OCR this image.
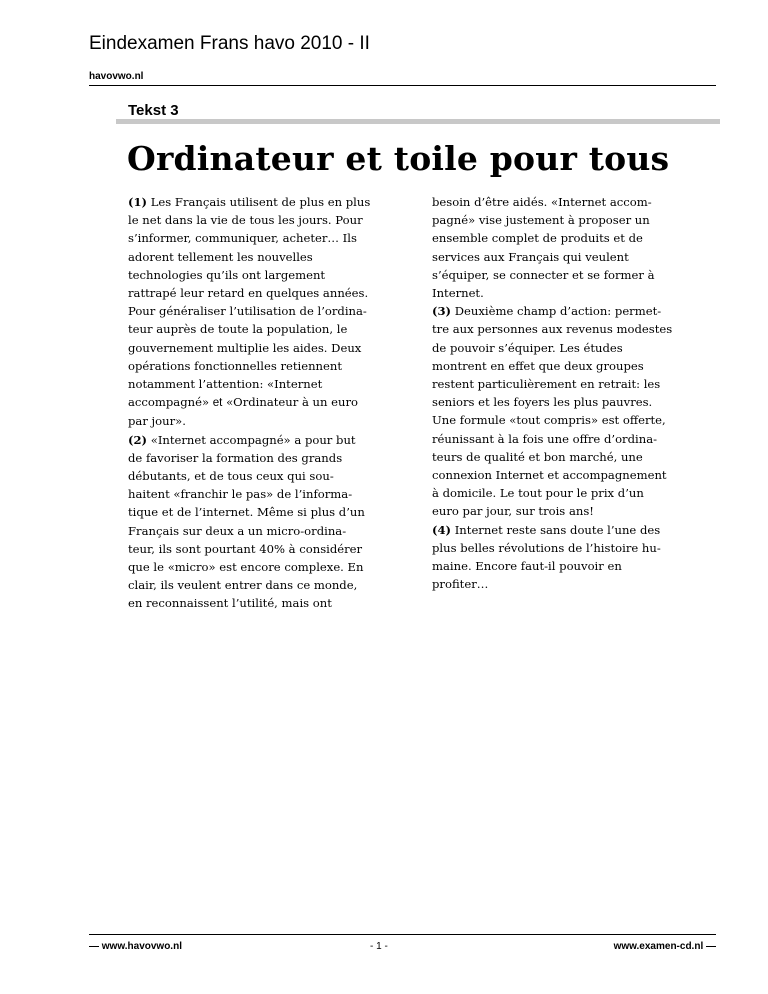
Eindexamen Frans havo 2010 - II
havovwo.nl
Tekst 3
Ordinateur et toile pour tous
(1) Les Français utilisent de plus en plus
le net dans la vie de tous les jours. Pour
s’informer, communiquer, acheter… Ils
adorent tellement les nouvelles
technologies qu’ils ont largement
rattrapé leur retard en quelques années.
Pour généraliser l’utilisation de l’ordina-
teur auprès de toute la population, le
gouvernement multiplie les aides. Deux
opérations fonctionnelles retiennent
notamment l’attention: «Internet
accompagné» et «Ordinateur à un euro
par jour».
(2) «Internet accompagné» a pour but
de favoriser la formation des grands
débutants, et de tous ceux qui sou-
haitent «franchir le pas» de l’informa-
tique et de l’internet. Même si plus d’un
Français sur deux a un micro-ordina-
teur, ils sont pourtant 40% à considérer
que le «micro» est encore complexe. En
clair, ils veulent entrer dans ce monde,
en reconnaissent l’utilité, mais ont
besoin d’être aidés. «Internet accom-
pagné» vise justement à proposer un
ensemble complet de produits et de
services aux Français qui veulent
s’équiper, se connecter et se former à
Internet.
(3) Deuxième champ d’action: permet-
tre aux personnes aux revenus modestes
de pouvoir s’équiper. Les études
montrent en effet que deux groupes
restent particulièrement en retrait: les
seniors et les foyers les plus pauvres.
Une formule «tout compris» est offerte,
réunissant à la fois une offre d’ordina-
teurs de qualité et bon marché, une
connexion Internet et accompagnement
à domicile. Le tout pour le prix d’un
euro par jour, sur trois ans!
(4) Internet reste sans doute l’une des
plus belles révolutions de l’histoire hu-
maine. Encore faut-il pouvoir en
profiter…
— www.havovwo.nl	- 1 -	www.examen-cd.nl —
